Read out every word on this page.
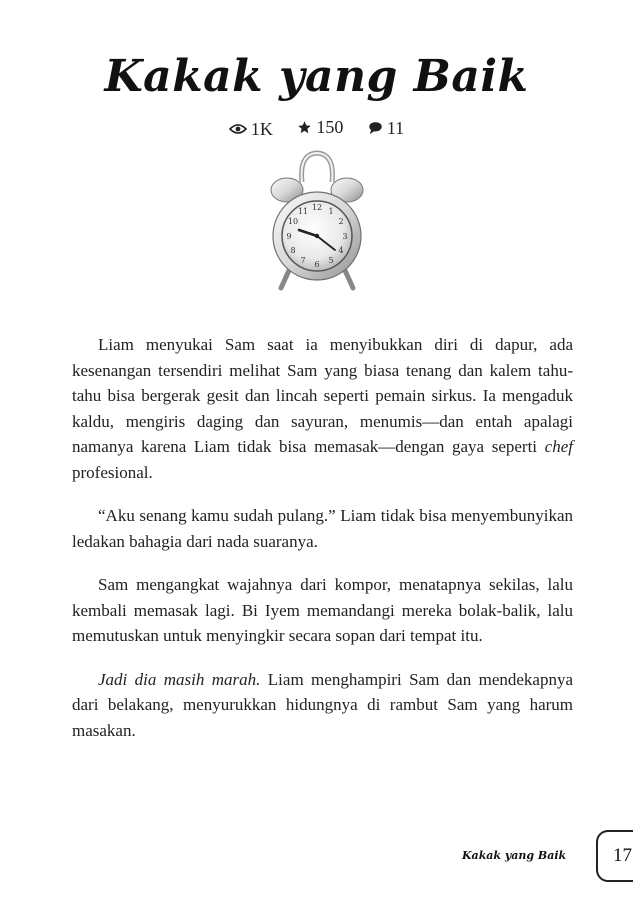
Kakak yang Baik
1K
150
11
12 1
2
3
4
5
6
7
8
9
10
11

Liam menyukai Sam saat ia menyibukkan diri di dapur, ada kesenangan tersendiri melihat Sam yang biasa tenang dan kalem tahu-tahu bisa bergerak gesit dan lincah seperti pemain sirkus. Ia mengaduk kaldu, mengiris daging dan sayuran, menumis—dan entah apalagi namanya karena Liam tidak bisa memasak—dengan gaya seperti chef profesional.

“Aku senang kamu sudah pulang.” Liam tidak bisa menyembunyikan ledakan bahagia dari nada suaranya.

Sam mengangkat wajahnya dari kompor, menatapnya sekilas, lalu kembali memasak lagi. Bi Iyem memandangi mereka bolak-balik, lalu memutuskan untuk menyingkir secara sopan dari tempat itu.

Jadi dia masih marah. Liam menghampiri Sam dan mendekapnya dari belakang, menyurukkan hidungnya di rambut Sam yang harum masakan.

Kakak yang Baik 17
